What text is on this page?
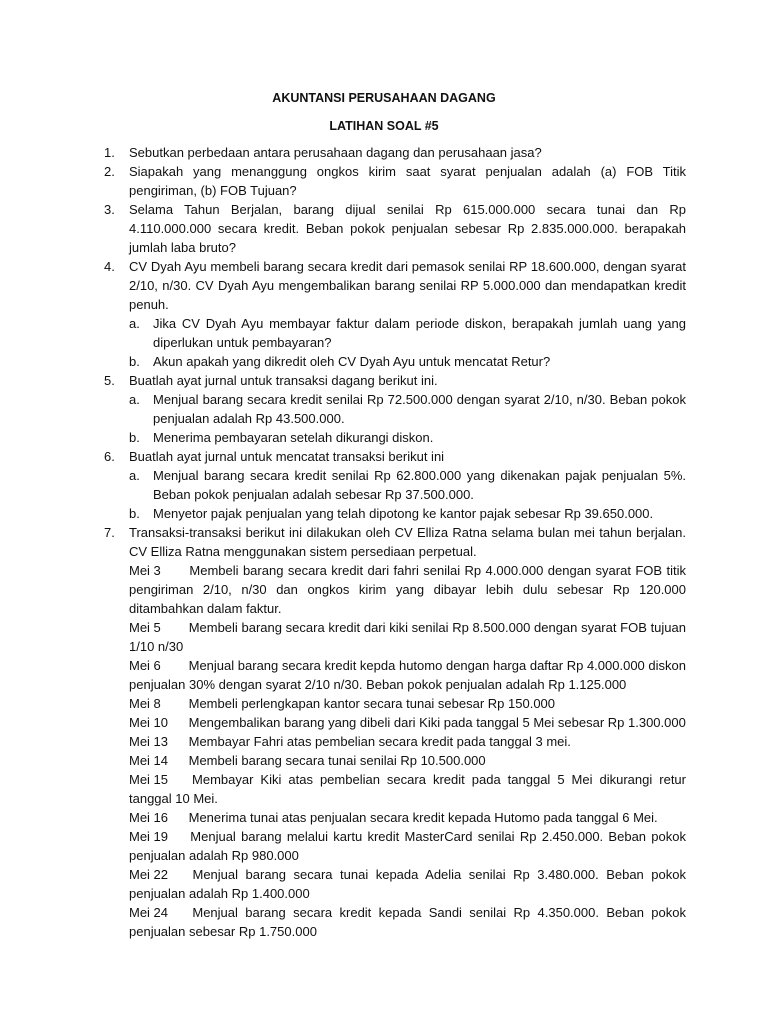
AKUNTANSI PERUSAHAAN DAGANG
LATIHAN SOAL #5
1. Sebutkan perbedaan antara perusahaan dagang dan perusahaan jasa?
2. Siapakah yang menanggung ongkos kirim saat syarat penjualan adalah (a) FOB Titik pengiriman, (b) FOB Tujuan?
3. Selama Tahun Berjalan, barang dijual senilai Rp 615.000.000 secara tunai dan Rp 4.110.000.000 secara kredit. Beban pokok penjualan sebesar Rp 2.835.000.000. berapakah jumlah laba bruto?
4. CV Dyah Ayu membeli barang secara kredit dari pemasok senilai RP 18.600.000, dengan syarat 2/10, n/30. CV Dyah Ayu mengembalikan barang senilai RP 5.000.000 dan mendapatkan kredit penuh.
a. Jika CV Dyah Ayu membayar faktur dalam periode diskon, berapakah jumlah uang yang diperlukan untuk pembayaran?
b. Akun apakah yang dikredit oleh CV Dyah Ayu untuk mencatat Retur?
5. Buatlah ayat jurnal untuk transaksi dagang berikut ini.
a. Menjual barang secara kredit senilai Rp 72.500.000 dengan syarat 2/10, n/30. Beban pokok penjualan adalah Rp 43.500.000.
b. Menerima pembayaran setelah dikurangi diskon.
6. Buatlah ayat jurnal untuk mencatat transaksi berikut ini
a. Menjual barang secara kredit senilai Rp 62.800.000 yang dikenakan pajak penjualan 5%. Beban pokok penjualan adalah sebesar Rp 37.500.000.
b. Menyetor pajak penjualan yang telah dipotong ke kantor pajak sebesar Rp 39.650.000.
7. Transaksi-transaksi berikut ini dilakukan oleh CV Elliza Ratna selama bulan mei tahun berjalan. CV Elliza Ratna menggunakan sistem persediaan perpetual.

Mei 3 Membeli barang secara kredit dari fahri senilai Rp 4.000.000 dengan syarat FOB titik pengiriman 2/10, n/30 dan ongkos kirim yang dibayar lebih dulu sebesar Rp 120.000 ditambahkan dalam faktur.

Mei 5 Membeli barang secara kredit dari kiki senilai Rp 8.500.000 dengan syarat FOB tujuan 1/10 n/30

Mei 6 Menjual barang secara kredit kepda hutomo dengan harga daftar Rp 4.000.000 diskon penjualan 30% dengan syarat 2/10 n/30. Beban pokok penjualan adalah Rp 1.125.000

Mei 8 Membeli perlengkapan kantor secara tunai sebesar Rp 150.000

Mei 10 Mengembalikan barang yang dibeli dari Kiki pada tanggal 5 Mei sebesar Rp 1.300.000

Mei 13 Membayar Fahri atas pembelian secara kredit pada tanggal 3 mei.

Mei 14 Membeli barang secara tunai senilai Rp 10.500.000

Mei 15 Membayar Kiki atas pembelian secara kredit pada tanggal 5 Mei dikurangi retur tanggal 10 Mei.

Mei 16 Menerima tunai atas penjualan secara kredit kepada Hutomo pada tanggal 6 Mei.

Mei 19 Menjual barang melalui kartu kredit MasterCard senilai Rp 2.450.000. Beban pokok penjualan adalah Rp 980.000

Mei 22 Menjual barang secara tunai kepada Adelia senilai Rp 3.480.000. Beban pokok penjualan adalah Rp 1.400.000

Mei 24 Menjual barang secara kredit kepada Sandi senilai Rp 4.350.000. Beban pokok penjualan sebesar Rp 1.750.000
